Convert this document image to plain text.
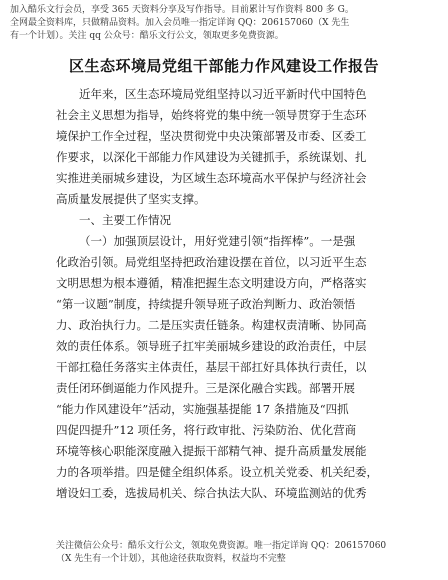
加入酷乐文行会员，享受 365 天资料分享及写作指导。目前累计写作资料 800 多 G。
全网最全资料库，只做精品资料。加入会员唯一指定详询 QQ：206157060（X 先生
有一个计划）。关注 qq 公众号：酷乐文行公文，领取更多免费资源。
区生态环境局党组干部能力作风建设工作报告
近年来，区生态环境局党组坚持以习近平新时代中国特色
社会主义思想为指导，始终将党的集中统一领导贯穿于生态环
境保护工作全过程，坚决贯彻党中央决策部署及市委、区委工
作要求，以深化干部能力作风建设为关键抓手，系统谋划、扎
实推进美丽城乡建设，为区域生态环境高水平保护与经济社会
高质量发展提供了坚实支撑。
一、主要工作情况
（一）加强顶层设计，用好党建引领“指挥棒”。一是强
化政治引领。局党组坚持把政治建设摆在首位，以习近平生态
文明思想为根本遵循，精准把握生态文明建设方向，严格落实
“第一议题”制度，持续提升领导班子政治判断力、政治领悟
力、政治执行力。二是压实责任链条。构建权责清晰、协同高
效的责任体系。领导班子扛牢美丽城乡建设的政治责任，中层
干部扛稳任务落实主体责任，基层干部扛好具体执行责任，以
责任闭环倒逼能力作风提升。三是深化融合实践。部署开展
“能力作风建设年”活动，实施强基提能 17 条措施及“四抓
四促四提升”12 项任务，将行政审批、污染防治、优化营商
环境等核心职能深度融入提振干部精气神、提升高质量发展能
力的各项举措。四是健全组织体系。设立机关党委、机关纪委，
增设妇工委，选拔局机关、综合执法大队、环境监测站的优秀
关注微信公众号：酷乐文行公文，领取免费资源。唯一指定详询 QQ：206157060
（X 先生有一个计划），其他途径获取资料，权益均不完整
